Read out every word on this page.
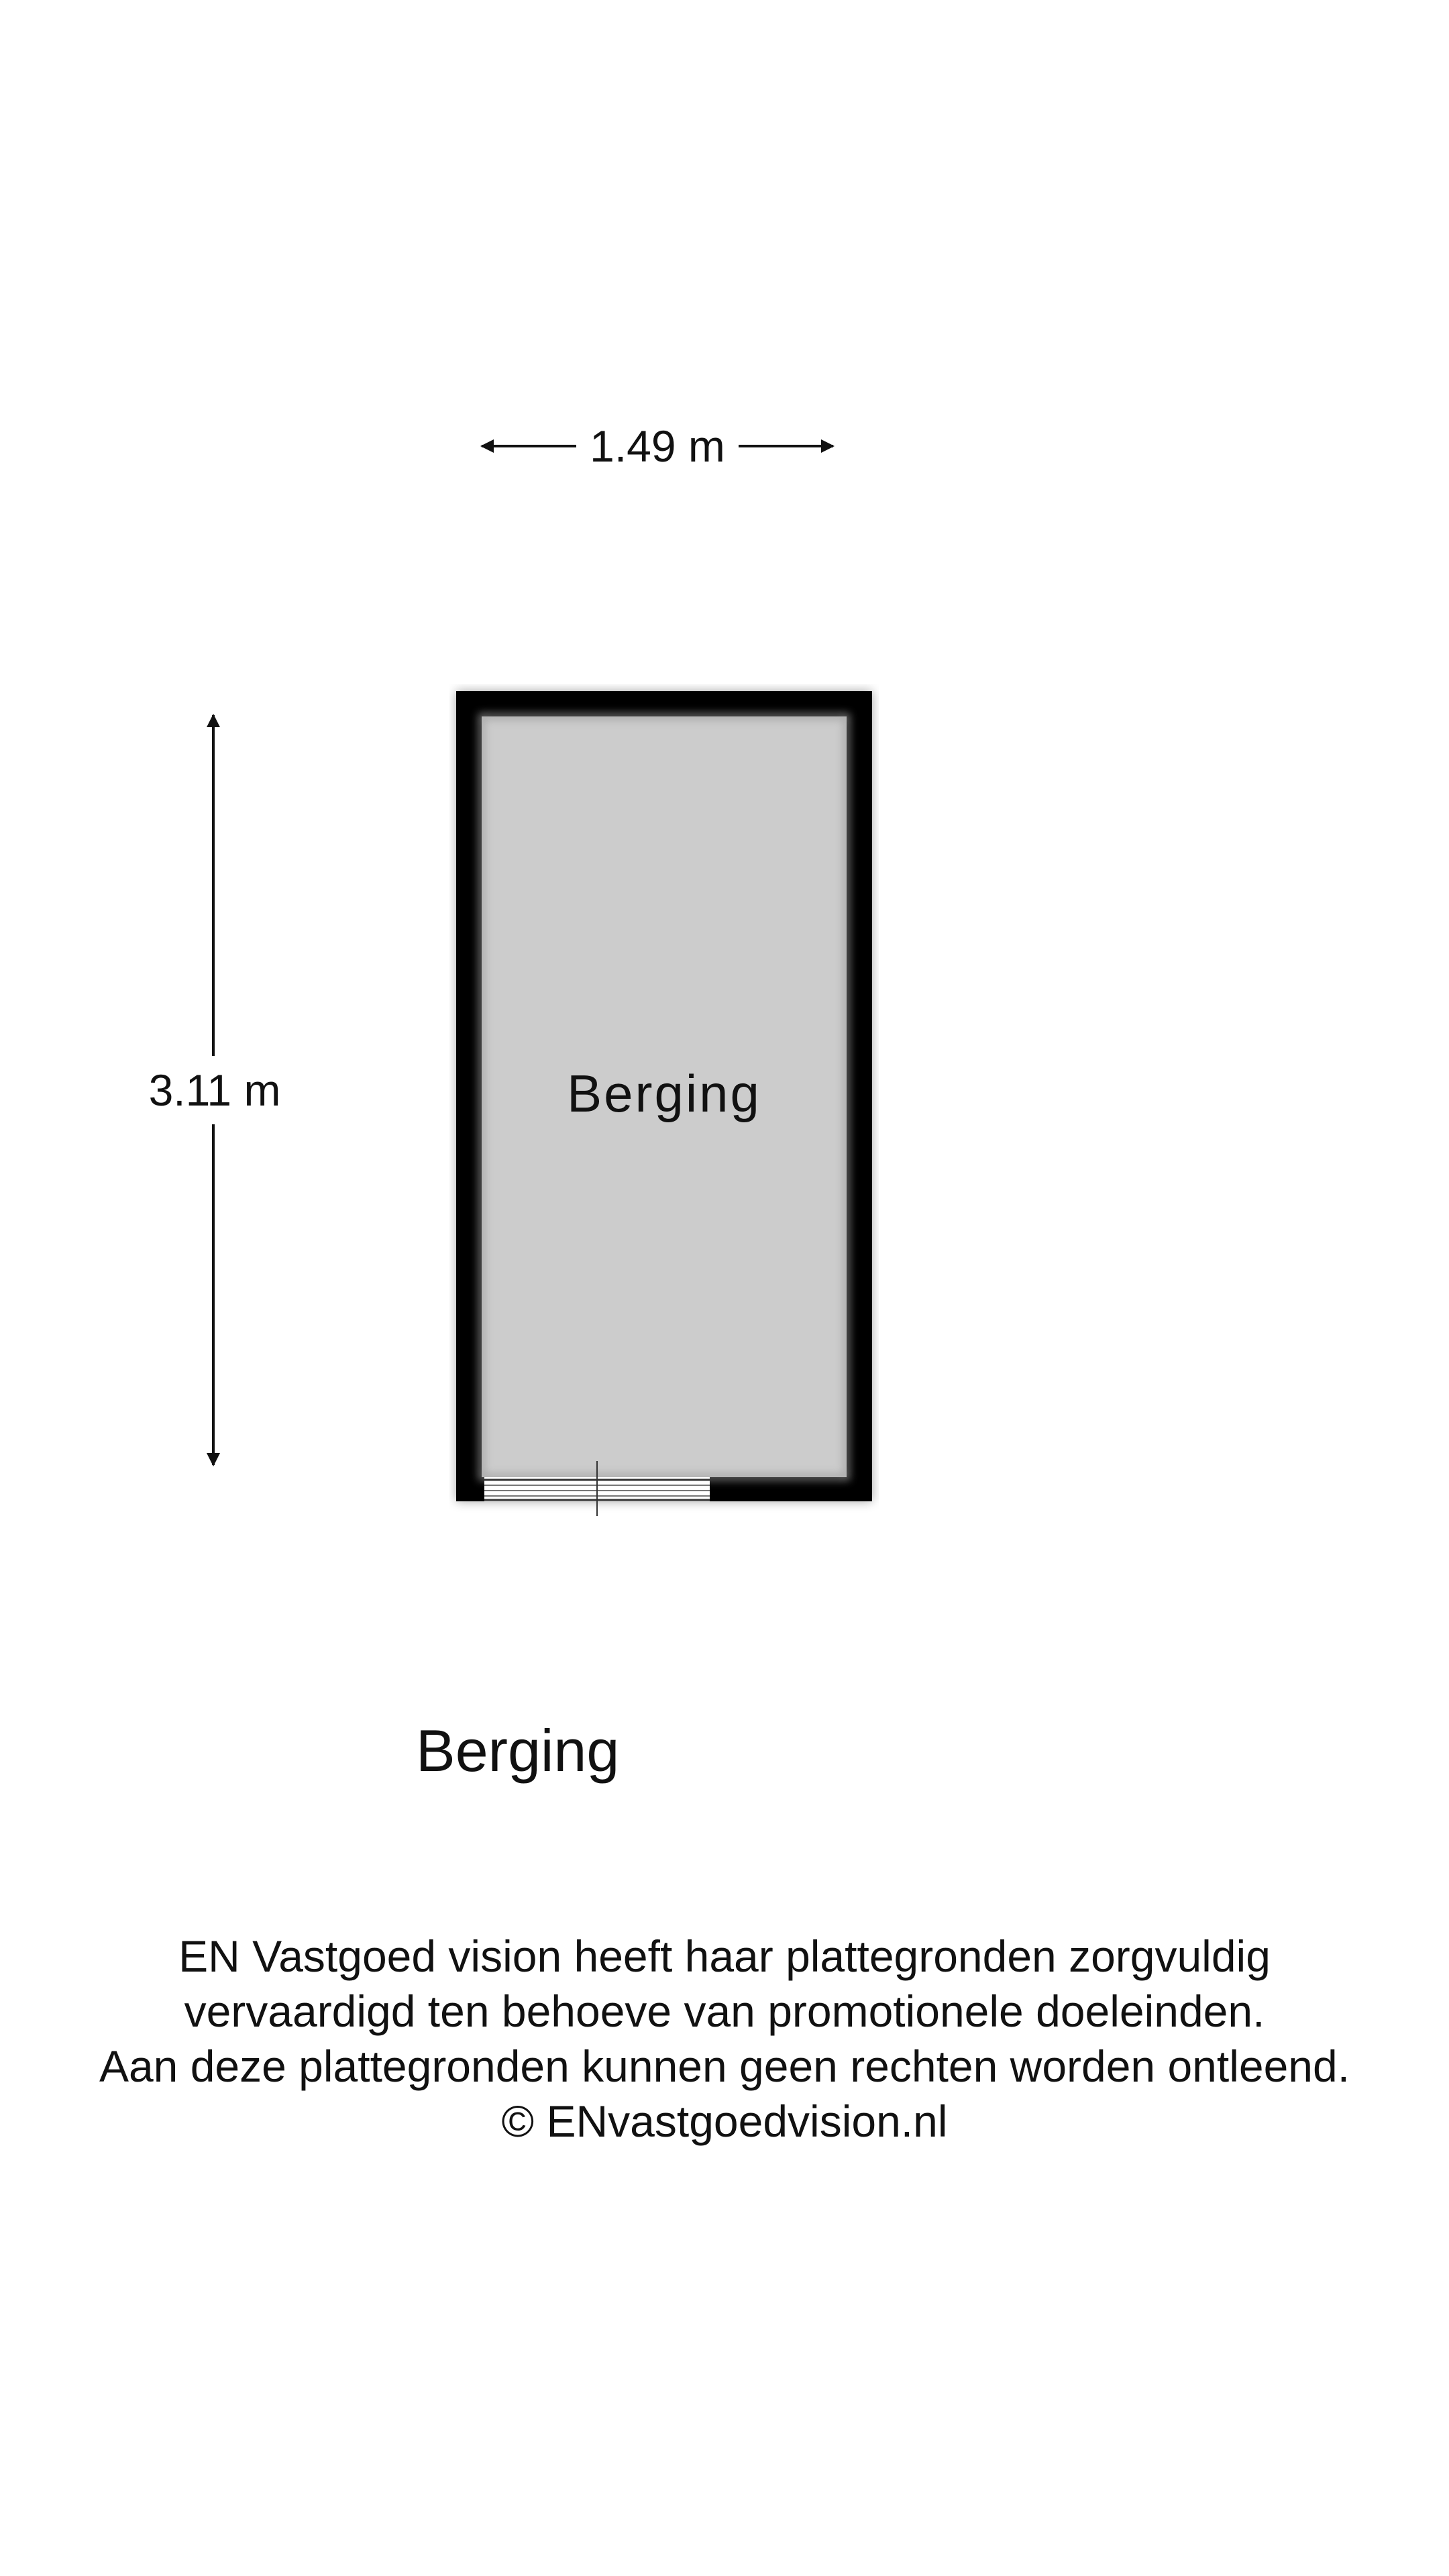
1.49 m
3.11 m	Berging
Berging
EN Vastgoed vision heeft haar plattegronden zorgvuldig
vervaardigd ten behoeve van promotionele doeleinden.
Aan deze plattegronden kunnen geen rechten worden ontleend.
© ENvastgoedvision.nl
